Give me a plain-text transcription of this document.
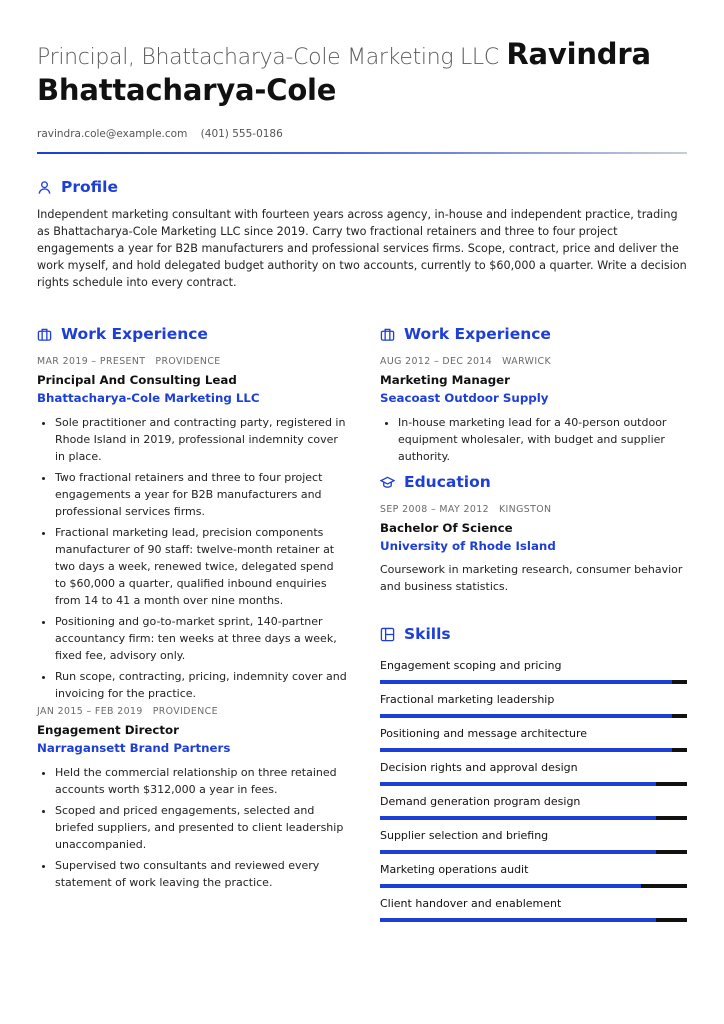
Principal, Bhattacharya-Cole Marketing LLC Ravindra
Bhattacharya-Cole
ravindra.cole@example.com (401) 555-0186
Profile
Independent marketing consultant with fourteen years across agency, in-house and independent practice, trading as Bhattacharya-Cole Marketing LLC since 2019. Carry two fractional retainers and three to four project engagements a year for B2B manufacturers and professional services firms. Scope, contract, price and deliver the work myself, and hold delegated budget authority on two accounts, currently to $60,000 a quarter. Write a decision rights schedule into every contract.
Work Experience
MAR 2019 – PRESENT PROVIDENCE
Principal And Consulting Lead
Bhattacharya-Cole Marketing LLC
• Sole practitioner and contracting party, registered in Rhode Island in 2019, professional indemnity cover in place.
• Two fractional retainers and three to four project engagements a year for B2B manufacturers and professional services firms.
• Fractional marketing lead, precision components manufacturer of 90 staff: twelve-month retainer at two days a week, renewed twice, delegated spend to $60,000 a quarter, qualified inbound enquiries from 14 to 41 a month over nine months.
• Positioning and go-to-market sprint, 140-partner accountancy firm: ten weeks at three days a week, fixed fee, advisory only.
• Run scope, contracting, pricing, indemnity cover and invoicing for the practice.
JAN 2015 – FEB 2019 PROVIDENCE
Engagement Director
Narragansett Brand Partners
• Held the commercial relationship on three retained accounts worth $312,000 a year in fees.
• Scoped and priced engagements, selected and briefed suppliers, and presented to client leadership unaccompanied.
• Supervised two consultants and reviewed every statement of work leaving the practice.
Work Experience
AUG 2012 – DEC 2014 WARWICK
Marketing Manager
Seacoast Outdoor Supply
• In-house marketing lead for a 40-person outdoor equipment wholesaler, with budget and supplier authority.
Education
SEP 2008 – MAY 2012 KINGSTON
Bachelor Of Science
University of Rhode Island
Coursework in marketing research, consumer behavior and business statistics.
Skills
Engagement scoping and pricing
Fractional marketing leadership
Positioning and message architecture
Decision rights and approval design
Demand generation program design
Supplier selection and briefing
Marketing operations audit
Client handover and enablement
